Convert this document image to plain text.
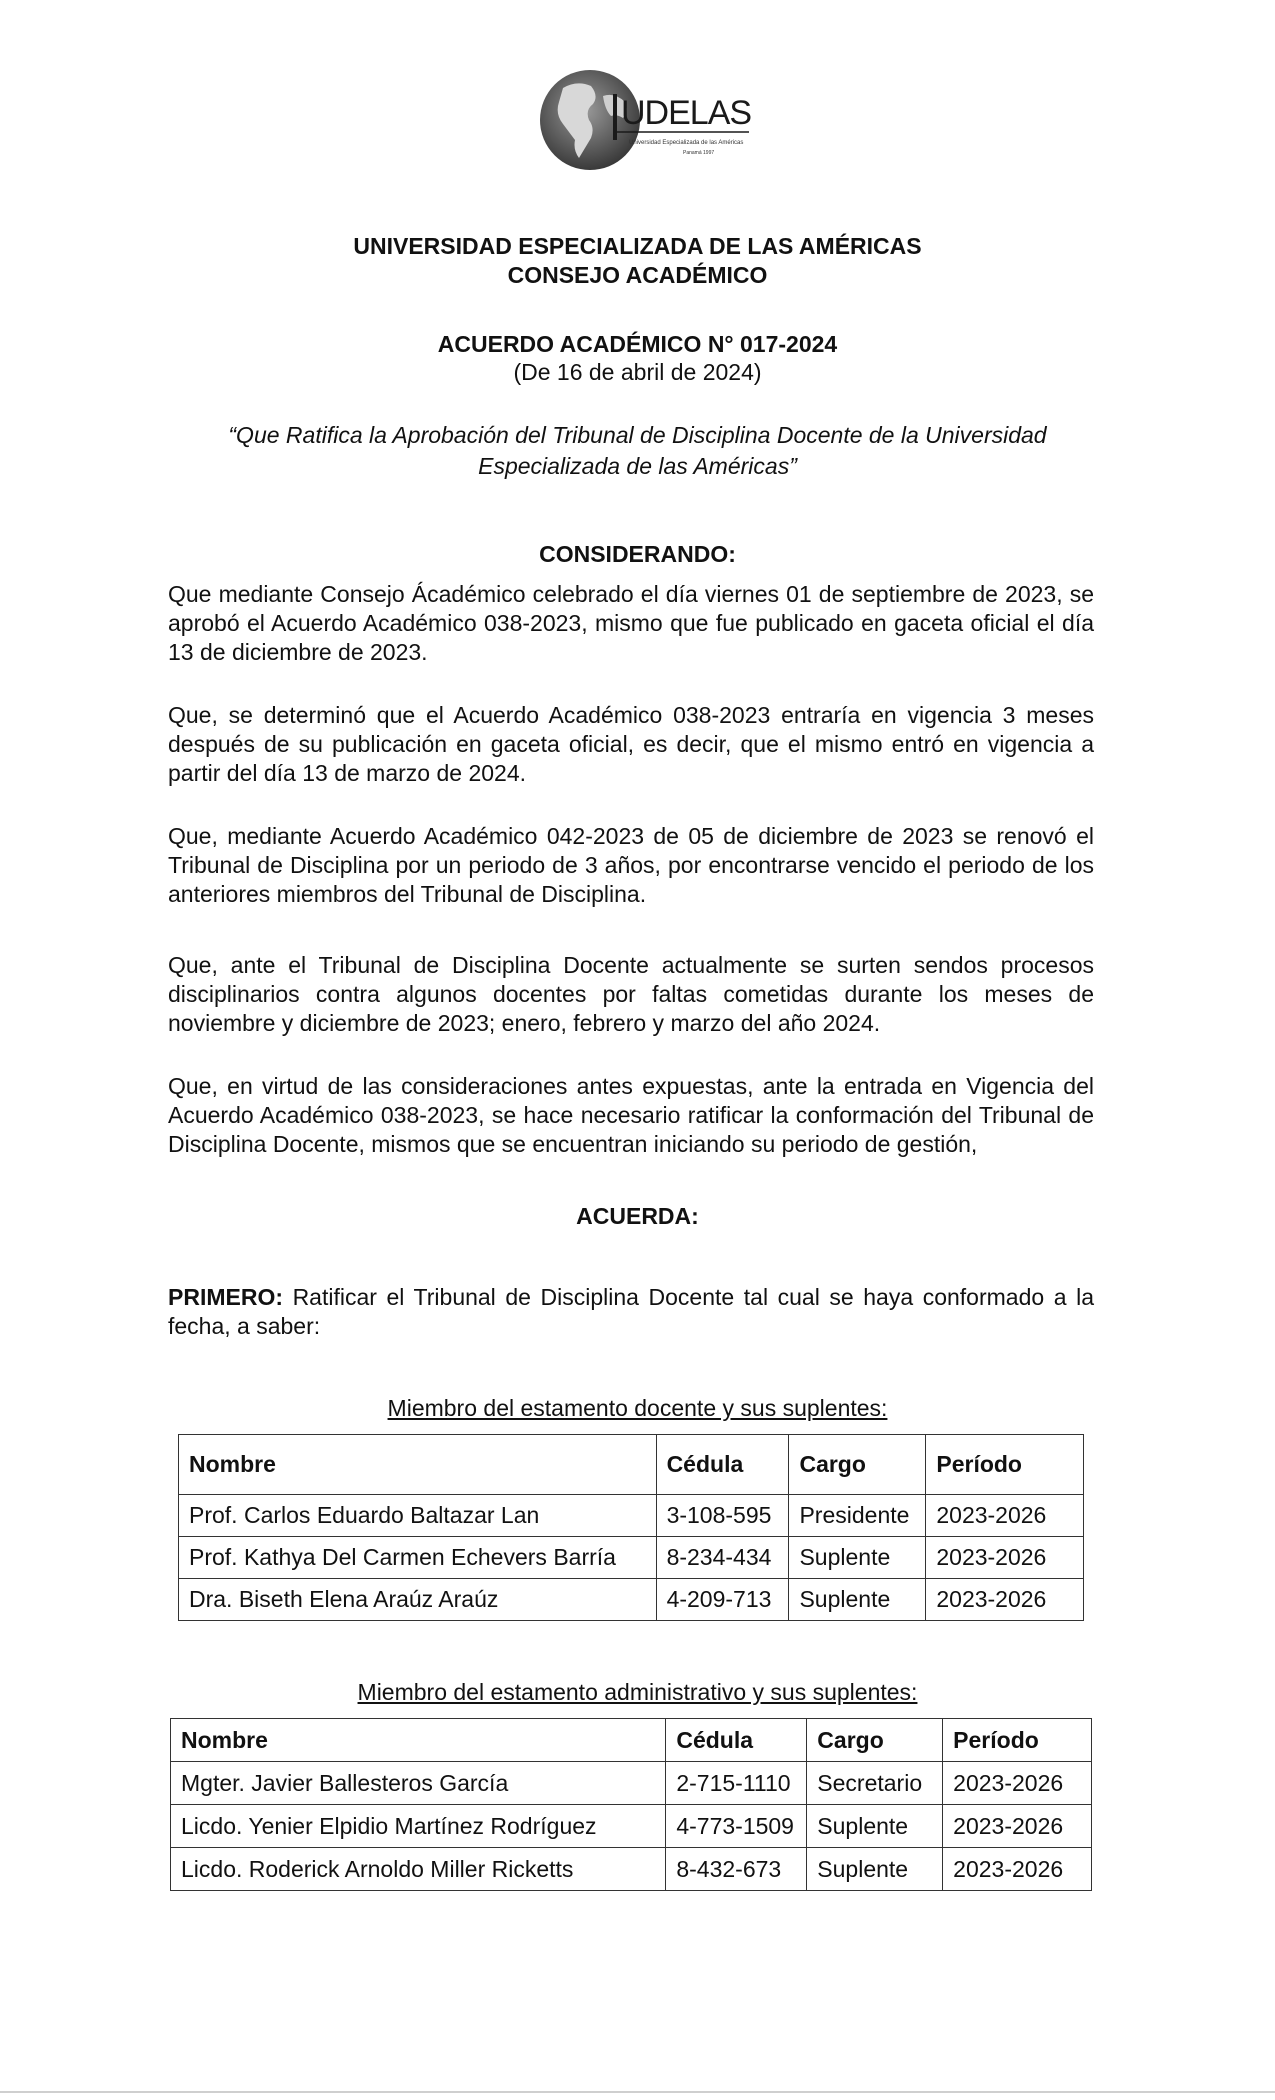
UDELAS
Universidad Especializada de las Américas
Panamá 1997
UNIVERSIDAD ESPECIALIZADA DE LAS AMÉRICAS
CONSEJO ACADÉMICO
ACUERDO ACADÉMICO N° 017-2024
(De 16 de abril de 2024)
“Que Ratifica la Aprobación del Tribunal de Disciplina Docente de la Universidad
Especializada de las Américas”
CONSIDERANDO:
Que mediante Consejo Ácadémico celebrado el día viernes 01 de septiembre de 2023, se aprobó el Acuerdo Académico 038-2023, mismo que fue publicado en gaceta oficial el día 13 de diciembre de 2023.
Que, se determinó que el Acuerdo Académico 038-2023 entraría en vigencia 3 meses después de su publicación en gaceta oficial, es decir, que el mismo entró en vigencia a partir del día 13 de marzo de 2024.
Que, mediante Acuerdo Académico 042-2023 de 05 de diciembre de 2023 se renovó el Tribunal de Disciplina por un periodo de 3 años, por encontrarse vencido el periodo de los anteriores miembros del Tribunal de Disciplina.
Que, ante el Tribunal de Disciplina Docente actualmente se surten sendos procesos disciplinarios contra algunos docentes por faltas cometidas durante los meses de noviembre y diciembre de 2023; enero, febrero y marzo del año 2024.
Que, en virtud de las consideraciones antes expuestas, ante la entrada en Vigencia del Acuerdo Académico 038-2023, se hace necesario ratificar la conformación del Tribunal de Disciplina Docente, mismos que se encuentran iniciando su periodo de gestión,
ACUERDA:
PRIMERO: Ratificar el Tribunal de Disciplina Docente tal cual se haya conformado a la fecha, a saber:
Miembro del estamento docente y sus suplentes:
Nombre	Cédula	Cargo	Período
Prof. Carlos Eduardo Baltazar Lan	3-108-595	Presidente	2023-2026
Prof. Kathya Del Carmen Echevers Barría	8-234-434	Suplente	2023-2026
Dra. Biseth Elena Araúz Araúz	4-209-713	Suplente	2023-2026
Miembro del estamento administrativo y sus suplentes:
Nombre	Cédula	Cargo	Período
Mgter. Javier Ballesteros García	2-715-1110	Secretario	2023-2026
Licdo. Yenier Elpidio Martínez Rodríguez	4-773-1509	Suplente	2023-2026
Licdo. Roderick Arnoldo Miller Ricketts	8-432-673	Suplente	2023-2026
